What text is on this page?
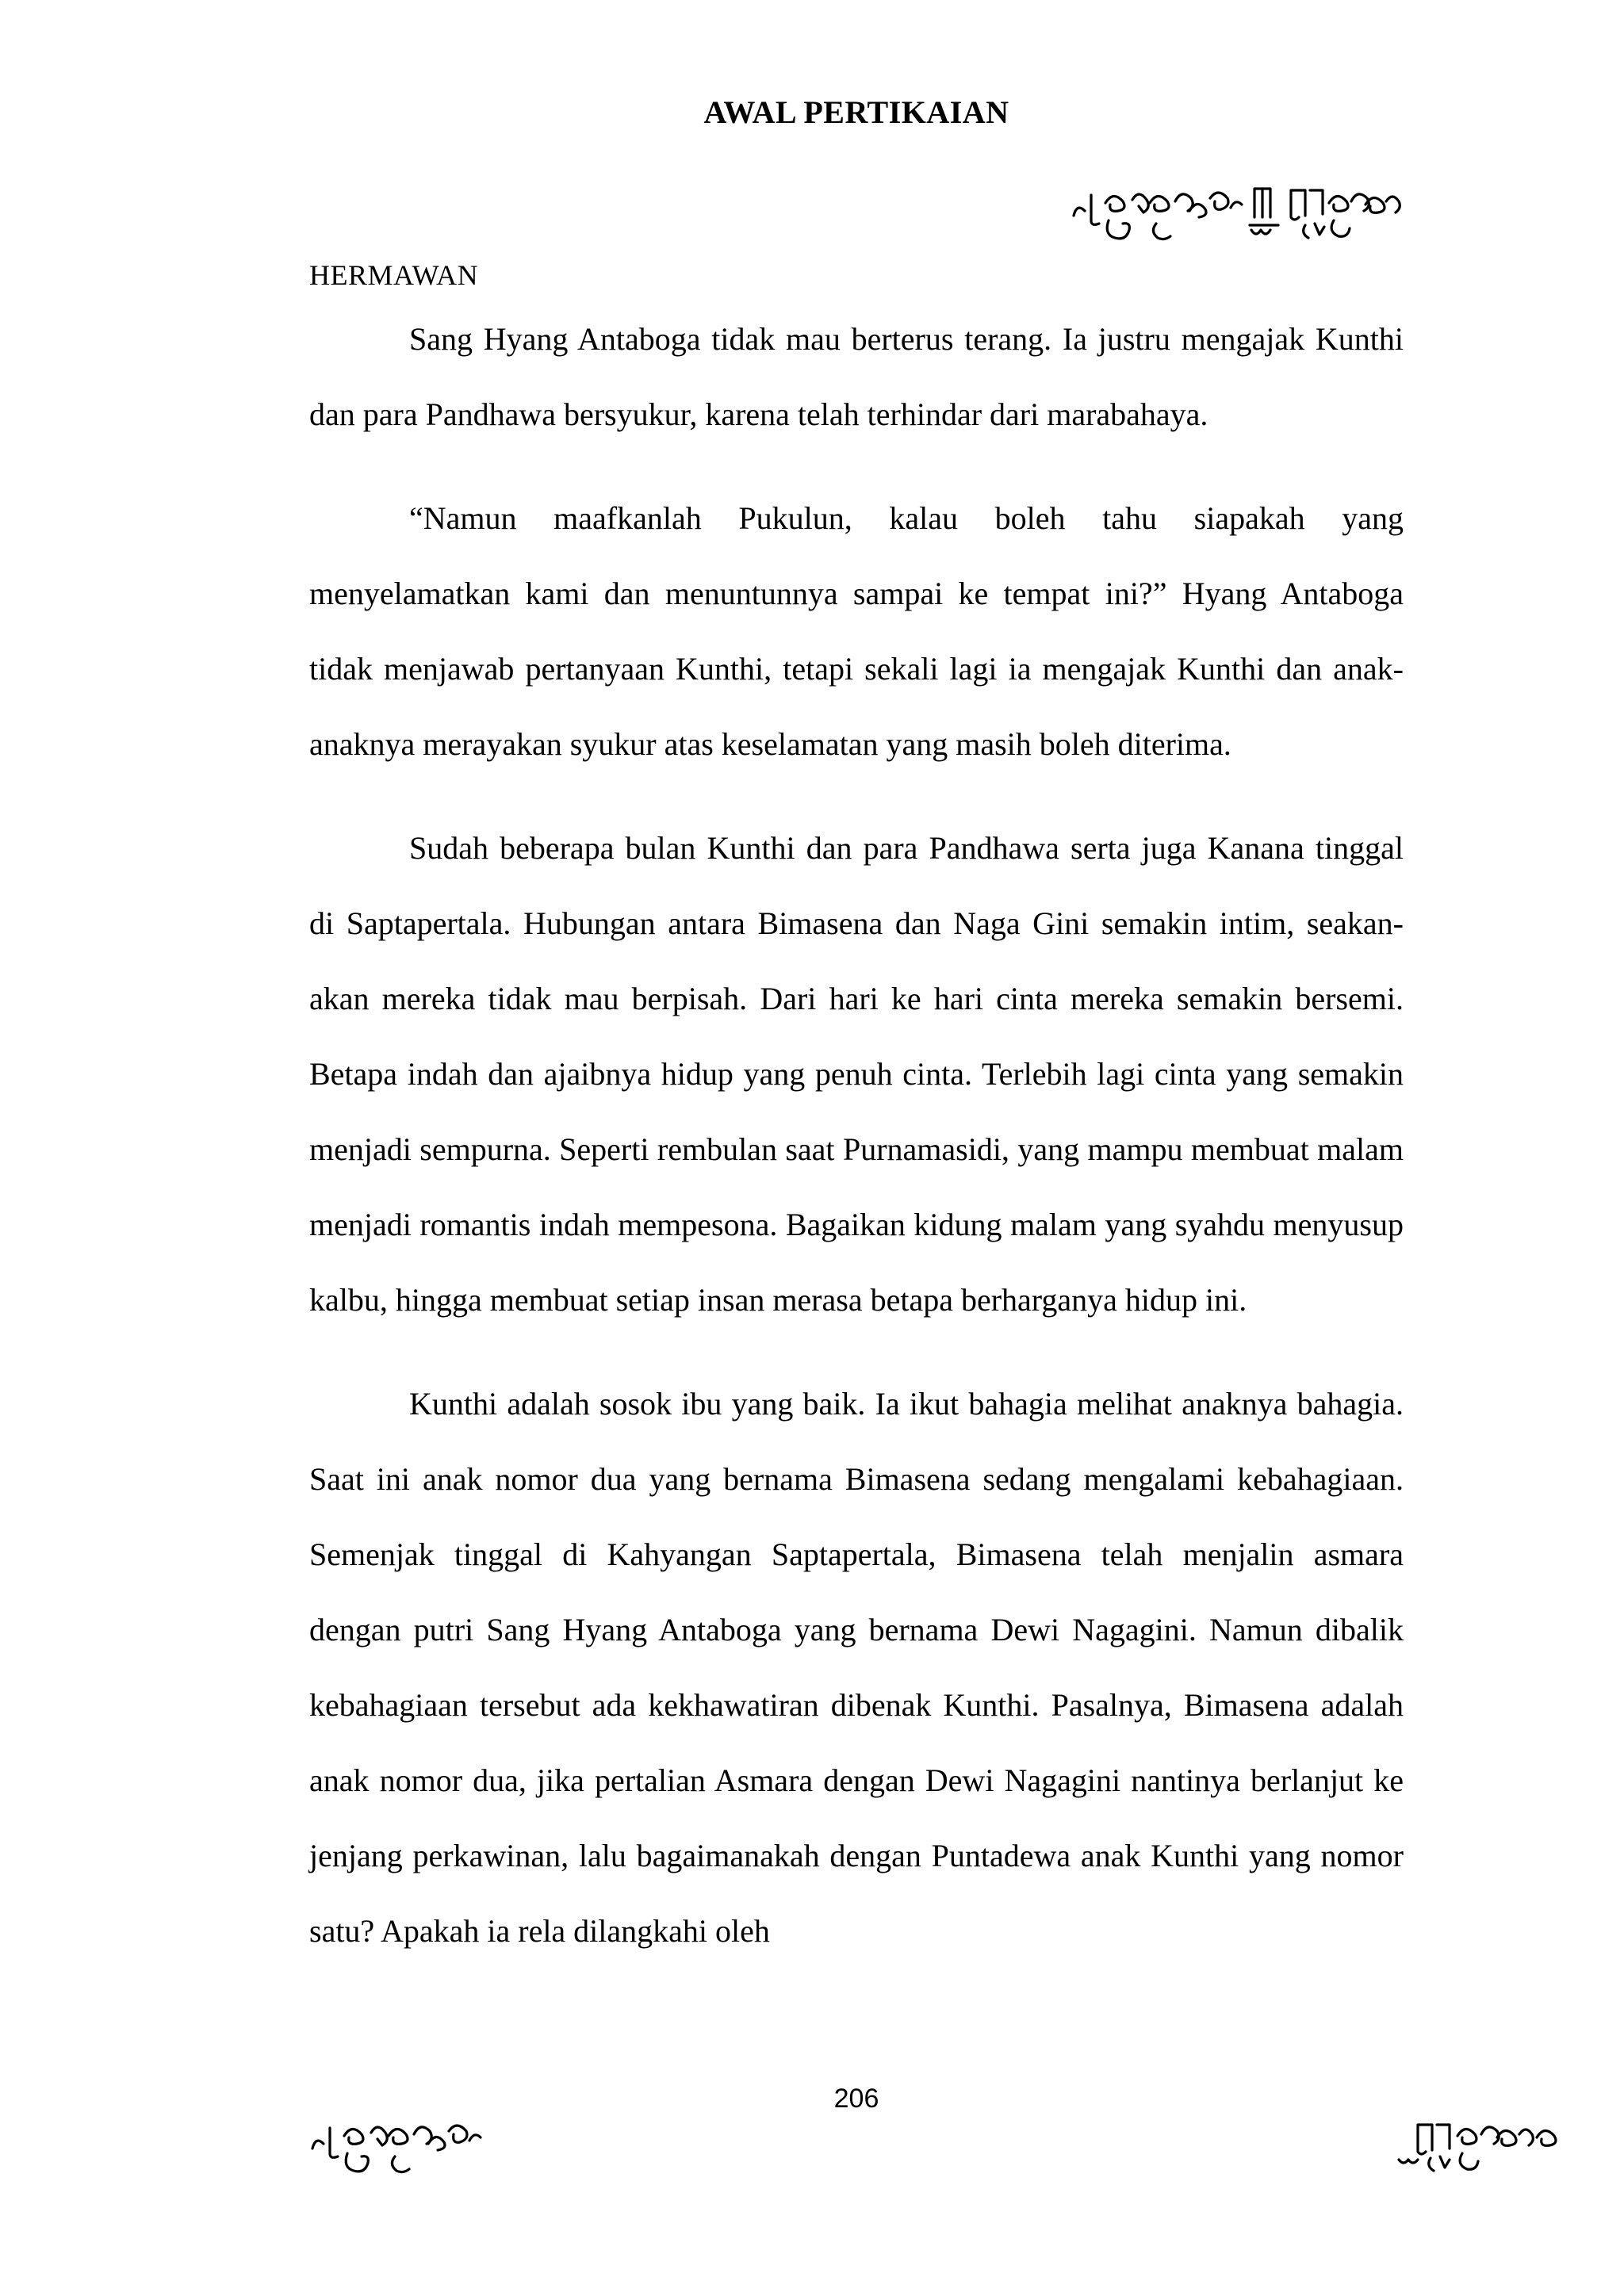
AWAL PERTIKAIAN
HERMAWAN

Sang Hyang Antaboga tidak mau berterus terang. Ia justru mengajak Kunthi dan para Pandhawa bersyukur, karena telah terhindar dari marabahaya.

“Namun maafkanlah Pukulun, kalau boleh tahu siapakah yang menyelamatkan kami dan menuntunnya sampai ke tempat ini?” Hyang Antaboga tidak menjawab pertanyaan Kunthi, tetapi sekali lagi ia mengajak Kunthi dan anak-anaknya merayakan syukur atas keselamatan yang masih boleh diterima.

Sudah beberapa bulan Kunthi dan para Pandhawa serta juga Kanana tinggal di Saptapertala. Hubungan antara Bimasena dan Naga Gini semakin intim, seakan-akan mereka tidak mau berpisah. Dari hari ke hari cinta mereka semakin bersemi. Betapa indah dan ajaibnya hidup yang penuh cinta. Terlebih lagi cinta yang semakin menjadi sempurna. Seperti rembulan saat Purnamasidi, yang mampu membuat malam menjadi romantis indah mempesona. Bagaikan kidung malam yang syahdu menyusup kalbu, hingga membuat setiap insan merasa betapa berharganya hidup ini.

Kunthi adalah sosok ibu yang baik. Ia ikut bahagia melihat anaknya bahagia. Saat ini anak nomor dua yang bernama Bimasena sedang mengalami kebahagiaan. Semenjak tinggal di Kahyangan Saptapertala, Bimasena telah menjalin asmara dengan putri Sang Hyang Antaboga yang bernama Dewi Nagagini. Namun dibalik kebahagiaan tersebut ada kekhawatiran dibenak Kunthi. Pasalnya, Bimasena adalah anak nomor dua, jika pertalian Asmara dengan Dewi Nagagini nantinya berlanjut ke jenjang perkawinan, lalu bagaimanakah dengan Puntadewa anak Kunthi yang nomor satu? Apakah ia rela dilangkahi oleh

206
